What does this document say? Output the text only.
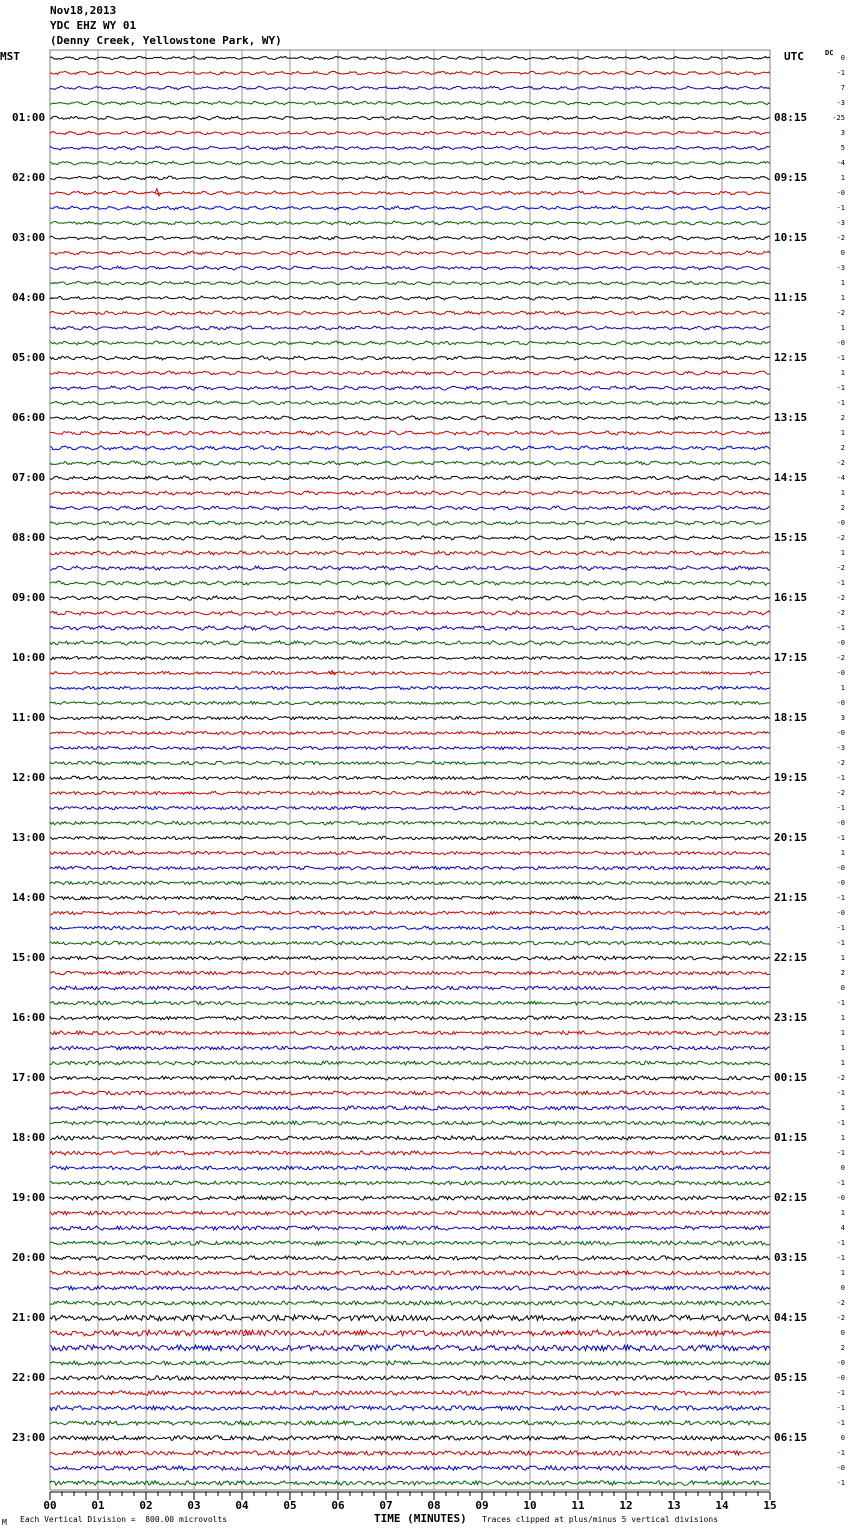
00	01	02	03	04	05	06	07	08	09	10	11	12	13	14	15
Nov18,2013
YDC EHZ WY 01
(Denny Creek, Yellowstone Park, WY)
MST	UTC	DC
01:00
02:00
03:00
04:00
05:00
06:00
07:00
08:00
09:00
10:00
11:00
12:00
13:00
14:00
15:00
16:00
17:00
18:00
19:00
20:00
21:00
22:00
23:00
08:15
09:15
10:15
11:15
12:15
13:15
14:15
15:15
16:15
17:15
18:15
19:15
20:15
21:15
22:15
23:15
00:15
01:15
02:15
03:15
04:15
05:15
06:15
0
-1
7
-3
-25
3
5
-4
1
-0
-1
-3
-2
0
-3
1
1
-2
1
-0
-1
1
-1
-1
2
1
2
-2
-4
1
2
-0
-2
1
-2
-1
-2
-2
-1
-0
-2
-0
1
-0
3
-0
-3
-2
-1
-2
-1
-0
-1
1
-0
-0
-1
-0
-1
-1
1
2
0
-1
1
1
1
1
-2
-1
1
-1
1
-1
0
-1
-0
1
4
-1
-1
1
0
-2
-2
0
2
-0
-0
-1
-1
-1
0
-1
-0
-1
M Each Vertical Division =  800.00 microvolts	TIME (MINUTES) Traces clipped at plus/minus 5 vertical divisions
